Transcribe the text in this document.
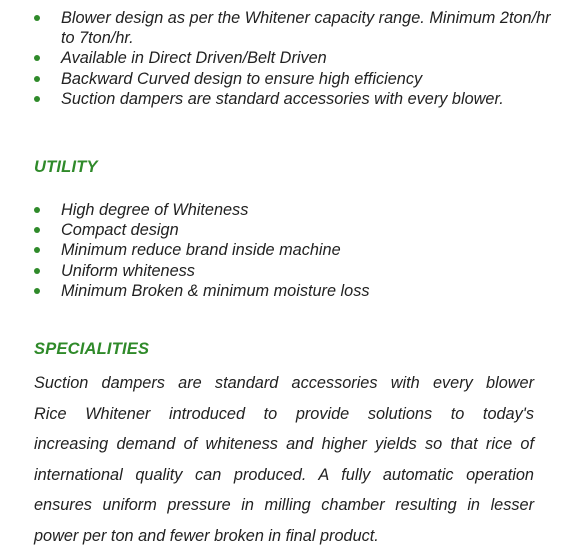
Blower design as per the Whitener capacity range. Minimum 2ton/hr to 7ton/hr.
Available in Direct Driven/Belt Driven
Backward Curved design to ensure high efficiency
Suction dampers are standard accessories with every blower.
UTILITY
High degree of Whiteness
Compact design
Minimum reduce brand inside machine
Uniform whiteness
Minimum Broken & minimum moisture loss
SPECIALITIES
Suction dampers are standard accessories with every blower
Rice Whitener introduced to provide solutions to today's
increasing demand of whiteness and higher yields so that rice of
international quality can produced. A fully automatic operation
ensures uniform pressure in milling chamber resulting in lesser
power per ton and fewer broken in final product.
